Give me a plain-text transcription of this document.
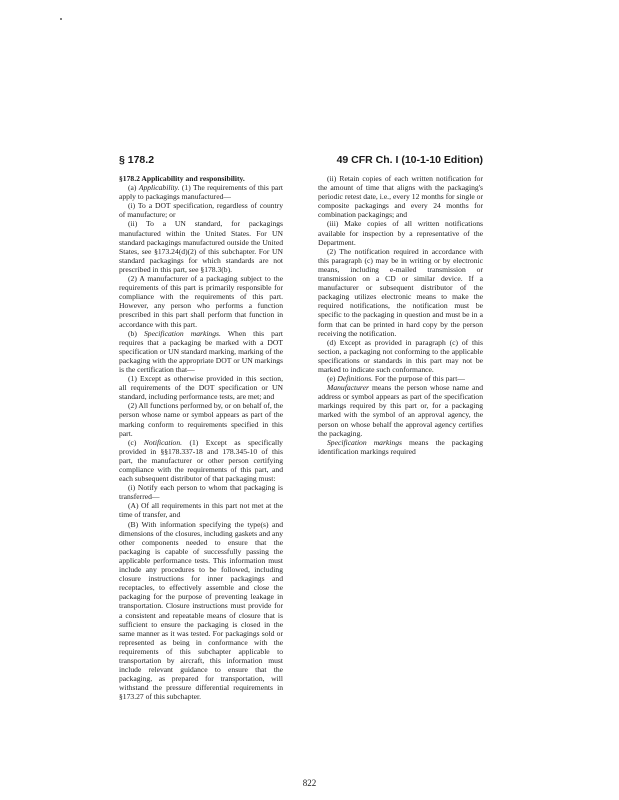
§ 178.2	49 CFR Ch. I (10-1-10 Edition)

§178.2 Applicability and responsibility.

(a) Applicability. (1) The requirements of this part apply to packagings manufactured—

(i) To a DOT specification, regardless of country of manufacture; or

(ii) To a UN standard, for packagings manufactured within the United States. For UN standard packagings manufactured outside the United States, see §173.24(d)(2) of this subchapter. For UN standard packagings for which standards are not prescribed in this part, see §178.3(b).

(2) A manufacturer of a packaging subject to the requirements of this part is primarily responsible for compliance with the requirements of this part. However, any person who performs a function prescribed in this part shall perform that function in accordance with this part.

(b) Specification markings. When this part requires that a packaging be marked with a DOT specification or UN standard marking, marking of the packaging with the appropriate DOT or UN markings is the certification that—

(1) Except as otherwise provided in this section, all requirements of the DOT specification or UN standard, including performance tests, are met; and

(2) All functions performed by, or on behalf of, the person whose name or symbol appears as part of the marking conform to requirements specified in this part.

(c) Notification. (1) Except as specifically provided in §§178.337-18 and 178.345-10 of this part, the manufacturer or other person certifying compliance with the requirements of this part, and each subsequent distributor of that packaging must:

(i) Notify each person to whom that packaging is transferred—

(A) Of all requirements in this part not met at the time of transfer, and

(B) With information specifying the type(s) and dimensions of the closures, including gaskets and any other components needed to ensure that the packaging is capable of successfully passing the applicable performance tests. This information must include any procedures to be followed, including closure instructions for inner packagings and receptacles, to effectively assemble and close the packaging for the purpose of preventing leakage in transportation. Closure instructions must provide for a consistent and repeatable means of closure that is sufficient to ensure the packaging is closed in the same manner as it was tested. For packagings sold or represented as being in conformance with the requirements of this subchapter applicable to transportation by aircraft, this information must include relevant guidance to ensure that the packaging, as prepared for transportation, will withstand the pressure differential requirements in §173.27 of this subchapter.

(ii) Retain copies of each written notification for the amount of time that aligns with the packaging's periodic retest date, i.e., every 12 months for single or composite packagings and every 24 months for combination packagings; and

(iii) Make copies of all written notifications available for inspection by a representative of the Department.

(2) The notification required in accordance with this paragraph (c) may be in writing or by electronic means, including e-mailed transmission or transmission on a CD or similar device. If a manufacturer or subsequent distributor of the packaging utilizes electronic means to make the required notifications, the notification must be specific to the packaging in question and must be in a form that can be printed in hard copy by the person receiving the notification.

(d) Except as provided in paragraph (c) of this section, a packaging not conforming to the applicable specifications or standards in this part may not be marked to indicate such conformance.

(e) Definitions. For the purpose of this part—

Manufacturer means the person whose name and address or symbol appears as part of the specification markings required by this part or, for a packaging marked with the symbol of an approval agency, the person on whose behalf the approval agency certifies the packaging.

Specification markings means the packaging identification markings required

822
